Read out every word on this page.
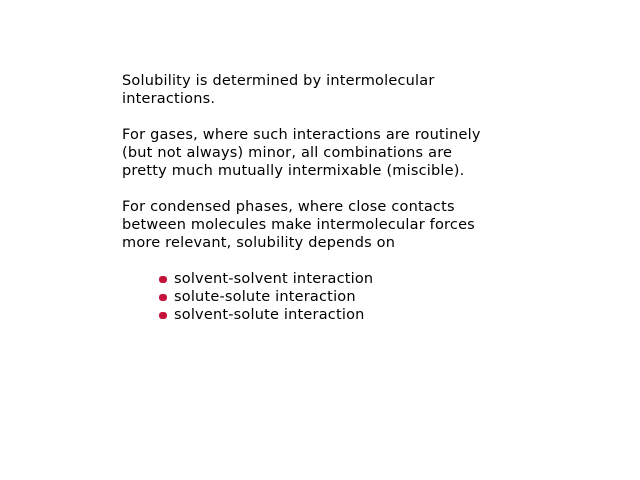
Solubility is determined by intermolecular
interactions.

For gases, where such interactions are routinely
(but not always) minor, all combinations are
pretty much mutually intermixable (miscible).

For condensed phases, where close contacts
between molecules make intermolecular forces
more relevant, solubility depends on

solvent-solvent interaction
solute-solute interaction
solvent-solute interaction
